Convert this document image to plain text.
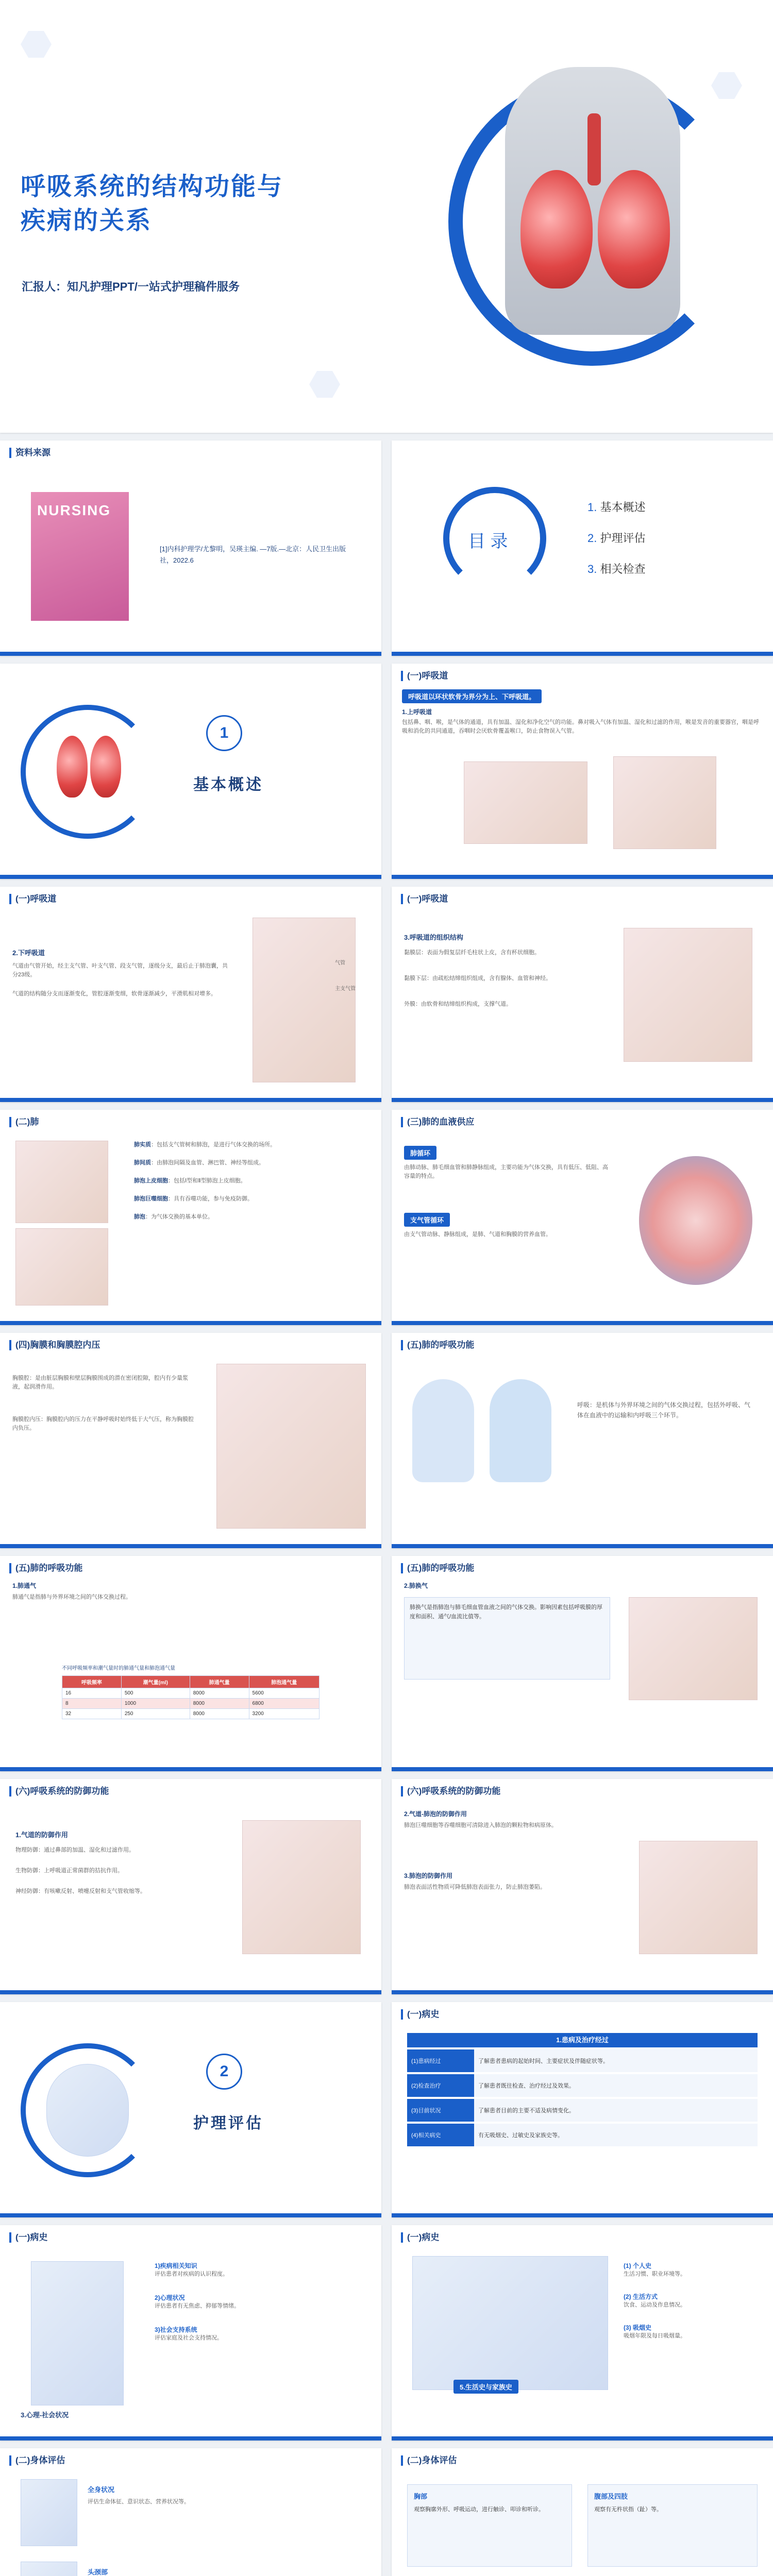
呼吸系统的结构功能与
疾病的关系
汇报人：知凡护理PPT/一站式护理稿件服务
资料来源
NURSING
[1]内科护理学/尤黎明，吴瑛主编. —7版.—北京：人民卫生出版社，2022.6
目 录
1. 基本概述
2. 护理评估
3. 相关检查
1
基本概述
(一)呼吸道
呼吸道以环状软骨为界分为上、下呼吸道。
1.上呼吸道
包括鼻、咽、喉，是气体的通道，具有加温、湿化和净化空气的功能。鼻对吸入气体有加温、湿化和过滤的作用，喉是发音的重要器官，咽是呼吸和消化的共同通道，吞咽时会厌软骨覆盖喉口，防止食物误入气管。
(一)呼吸道
2.下呼吸道
气道由气管开始，经主支气管、叶支气管、段支气管，逐级分支，最后止于肺泡囊，共分23级。
气道的结构随分支而逐渐变化，管腔逐渐变细，软骨逐渐减少，平滑肌相对增多。
气管
主支气管
(一)呼吸道
3.呼吸道的组织结构
黏膜层：表面为假复层纤毛柱状上皮，含有杯状细胞。
黏膜下层：由疏松结缔组织组成，含有腺体、血管和神经。
外膜：由软骨和结缔组织构成，支撑气道。
(二)肺
肺实质：包括支气管树和肺泡，是进行气体交换的场所。
肺间质：由肺泡间隔及血管、淋巴管、神经等组成。
肺泡上皮细胞：包括Ⅰ型和Ⅱ型肺泡上皮细胞。
肺泡巨噬细胞：具有吞噬功能，参与免疫防御。
肺泡：为气体交换的基本单位。
(三)肺的血液供应
肺循环
由肺动脉、肺毛细血管和肺静脉组成，主要功能为气体交换，具有低压、低阻、高容量的特点。
支气管循环
由支气管动脉、静脉组成，是肺、气道和胸膜的营养血管。
(四)胸膜和胸膜腔内压
胸膜腔：是由脏层胸膜和壁层胸膜围成的潜在密闭腔隙，腔内有少量浆液，起润滑作用。
胸膜腔内压：胸膜腔内的压力在平静呼吸时始终低于大气压，称为胸膜腔内负压。
(五)肺的呼吸功能
呼吸：是机体与外界环境之间的气体交换过程，包括外呼吸、气体在血液中的运输和内呼吸三个环节。
(五)肺的呼吸功能
1.肺通气
肺通气是指肺与外界环境之间的气体交换过程。
不同呼吸频率和潮气量时的肺通气量和肺泡通气量
呼吸频率	潮气量(ml)	肺通气量	肺泡通气量
16	500	8000	5600
8	1000	8000	6800
32	250	8000	3200
(五)肺的呼吸功能
2.肺换气
肺换气是指肺泡与肺毛细血管血液之间的气体交换。影响因素包括呼吸膜的厚度和面积、通气/血流比值等。
(六)呼吸系统的防御功能
1.气道的防御作用
物理防御：通过鼻部的加温、湿化和过滤作用。
生物防御：上呼吸道正常菌群的拮抗作用。
神经防御：有咳嗽反射、喷嚏反射和支气管收缩等。
(六)呼吸系统的防御功能
2.气道-肺泡的防御作用
肺泡巨噬细胞等吞噬细胞可清除进入肺泡的颗粒物和病原体。
3.肺泡的防御作用
肺泡表面活性物质可降低肺泡表面张力，防止肺泡萎陷。
2
护理评估
(一)病史
1.患病及治疗经过
(1)患病经过	了解患者患病的起始时间、主要症状及伴随症状等。
(2)检查治疗	了解患者既往检查、治疗经过及效果。
(3)目前状况	了解患者目前的主要不适及病情变化。
(4)相关病史	有无吸烟史、过敏史及家族史等。
(一)病史
3.心理-社会状况
1)疾病相关知识
评估患者对疾病的认识程度。
2)心理状况
评估患者有无焦虑、抑郁等情绪。
3)社会支持系统
评估家庭及社会支持情况。
(一)病史
5.生活史与家族史
(1) 个人史
生活习惯、职业环境等。
(2) 生活方式
饮食、运动及作息情况。
(3) 吸烟史
吸烟年限及每日吸烟量。
(二)身体评估
全身状况
评估生命体征、意识状态、营养状况等。
头颈部
(二)身体评估
胸部
观察胸廓外形、呼吸运动，进行触诊、叩诊和听诊。
腹部及四肢
观察有无杵状指（趾）等。
